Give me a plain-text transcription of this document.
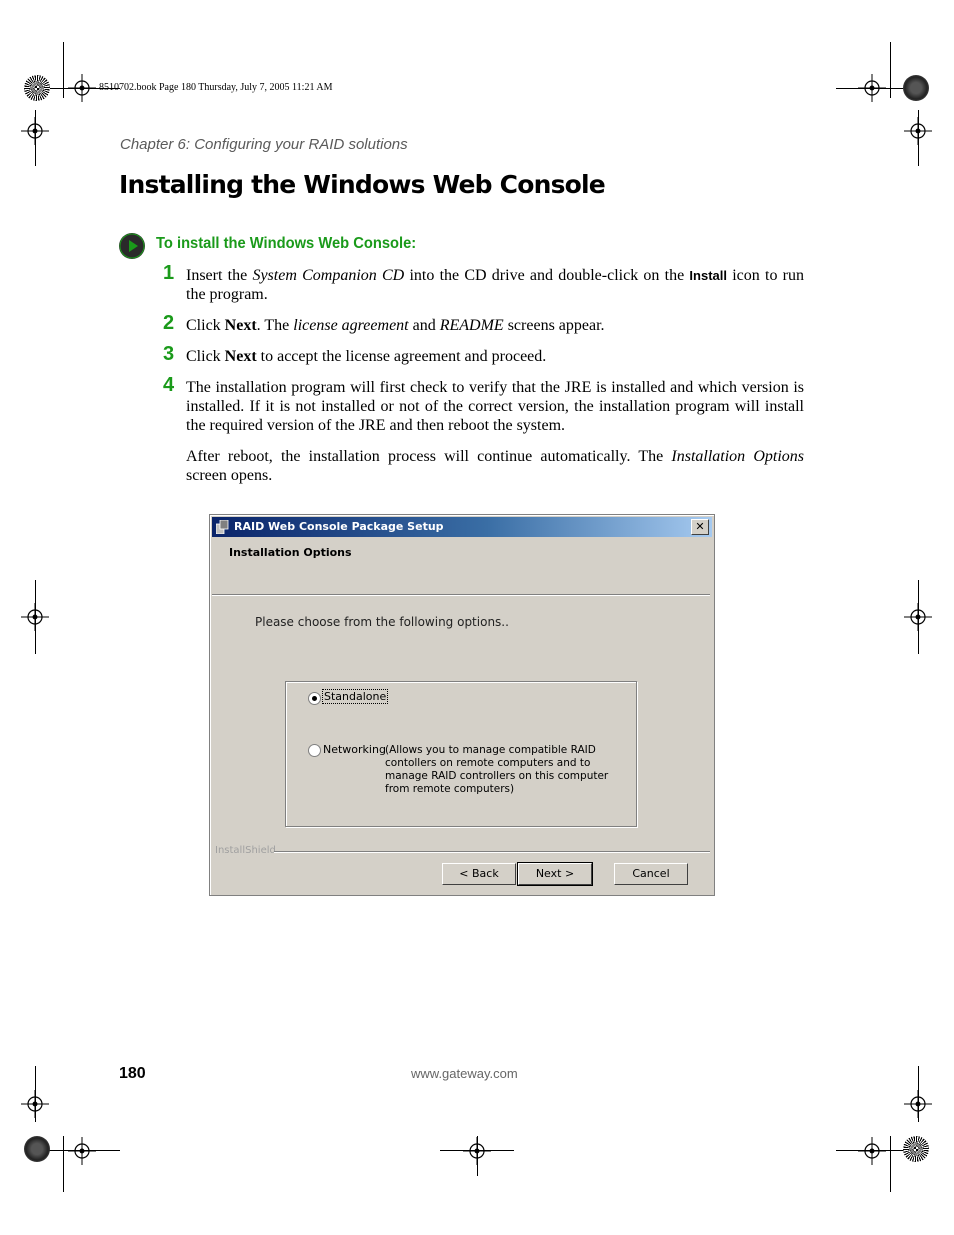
8510702.book Page 180 Thursday, July 7, 2005 11:21 AM
Chapter 6: Configuring your RAID solutions
Installing the Windows Web Console
To install the Windows Web Console:
1 Insert the System Companion CD into the CD drive and double-click on the Install icon to run the program.
2 Click Next. The license agreement and README screens appear.
3 Click Next to accept the license agreement and proceed.
4 The installation program will first check to verify that the JRE is installed and which version is installed. If it is not installed or not of the correct version, the installation program will install the required version of the JRE and then reboot the system.
After reboot, the installation process will continue automatically. The Installation Options screen opens.
RAID Web Console Package Setup	✕
Installation Options
Please choose from the following options..
Standalone
Networking (Allows you to manage compatible RAID contollers on remote computers and to manage RAID controllers on this computer from remote computers)
InstallShield
< Back	Next >	Cancel
180	www.gateway.com
